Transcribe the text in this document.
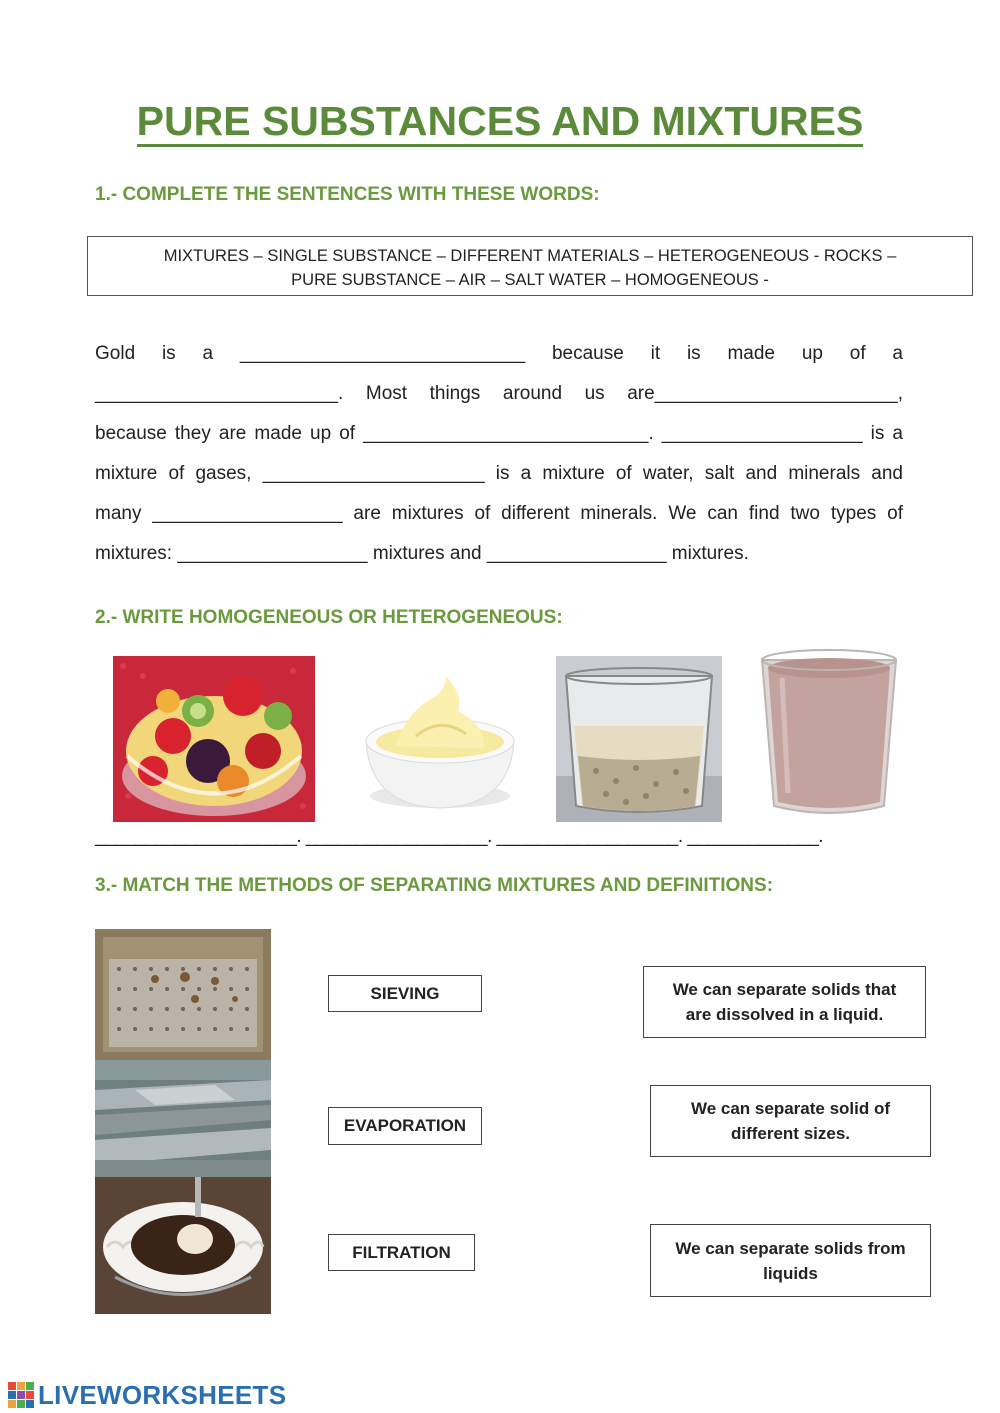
PURE SUBSTANCES AND MIXTURES
1.- COMPLETE THE SENTENCES WITH THESE WORDS:
MIXTURES – SINGLE SUBSTANCE – DIFFERENT MATERIALS – HETEROGENEOUS - ROCKS –
PURE SUBSTANCE – AIR – SALT WATER – HOMOGENEOUS -
Gold is a ___________________________ because it is made up of a
_______________________. Most things around us are_______________________,
because they are made up of ___________________________. ___________________ is a
mixture of gases, _____________________ is a mixture of water, salt and minerals and
many __________________ are mixtures of different minerals. We can find two types of
mixtures: __________________ mixtures and _________________ mixtures.
2.- WRITE HOMOGENEOUS OR HETEROGENEOUS:
____________________. __________________. __________________. _____________.
3.- MATCH THE METHODS OF SEPARATING MIXTURES AND DEFINITIONS:
SIEVING
EVAPORATION
FILTRATION
We can separate solids that are dissolved in a liquid.
We can separate solid of different sizes.
We can separate solids from liquids
LIVEWORKSHEETS
